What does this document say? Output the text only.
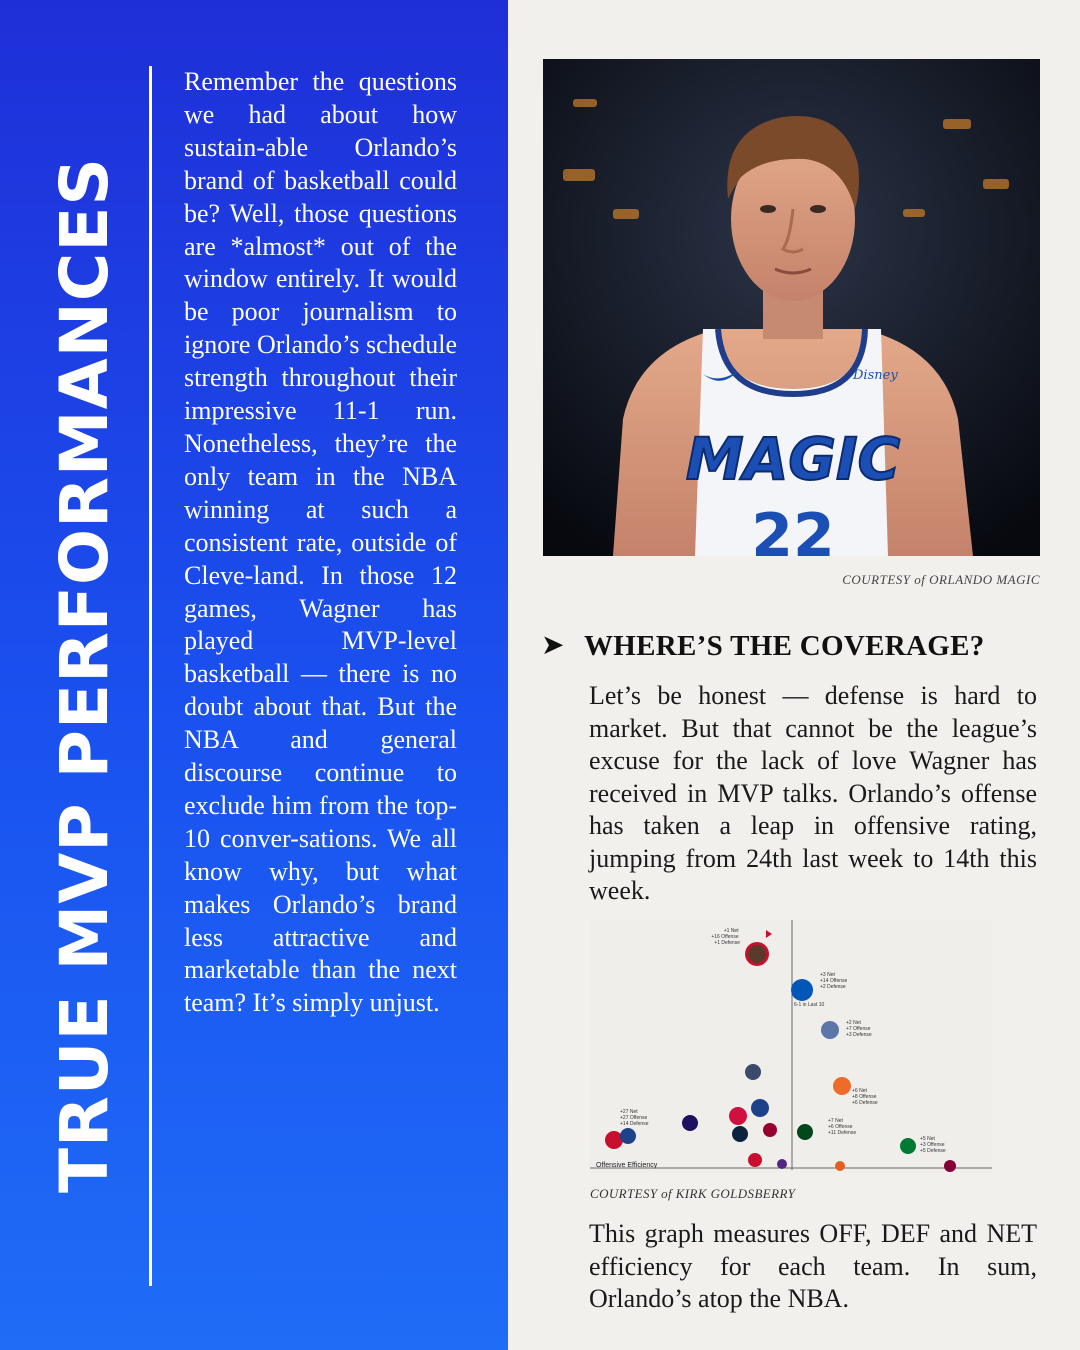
TRUE MVP PERFORMANCES

Remember the questions we had about how sustain-able Orlando’s brand of basketball could be? Well, those questions are *almost* out of the window entirely. It would be poor journalism to ignore Orlando’s schedule strength throughout their impressive 11-1 run. Nonetheless, they’re the only team in the NBA winning at such a consistent rate, outside of Cleve-land. In those 12 games, Wagner has played MVP-level basketball — there is no doubt about that. But the NBA and general discourse continue to exclude him from the top-10 conver-sations. We all know why, but what makes Orlando’s brand less attractive and marketable than the next team? It’s simply unjust.

MAGIC
22
Disney
COURTESY of ORLANDO MAGIC
➤ WHERE’S THE COVERAGE?

Let’s be honest — defense is hard to market. But that cannot be the league’s excuse for the lack of love Wagner has received in MVP talks. Orlando’s offense has taken a leap in offensive rating, jumping from 24th last week to 14th this week.

Offensive Efficiency
+1 Net +16 Offense +1 Defense
+3 Net +14 Offense +2 Defense
6-1 in Last 10
+2 Net +7 Offense +3 Defense
+6 Net +8 Offense +6 Defense
+27 Net +27 Offense +14 Defense	+7 Net +6 Offense +11 Defense
+5 Net +3 Offense +5 Defense
COURTESY of KIRK GOLDSBERRY

This graph measures OFF, DEF and NET efficiency for each team. In sum, Orlando’s atop the NBA.
